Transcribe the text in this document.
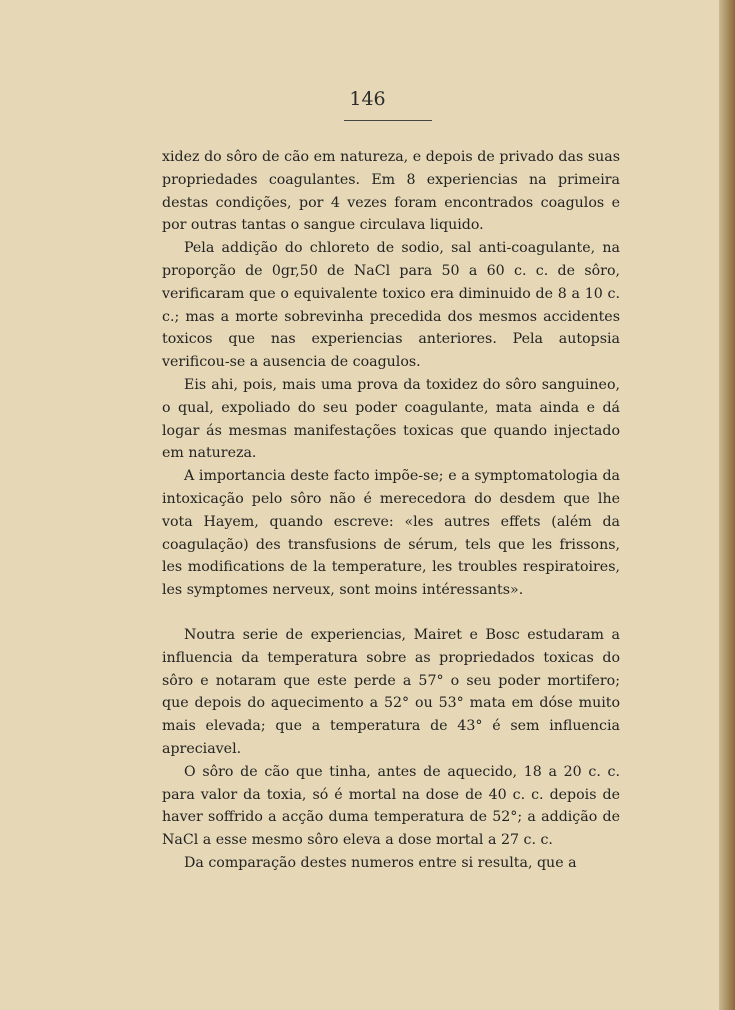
146

xidez do sôro de cão em natureza, e depois de privado das suas propriedades coagulantes. Em 8 experiencias na primeira destas condições, por 4 vezes foram encontrados coagulos e por outras tantas o sangue circulava liquido.

Pela addição do chloreto de sodio, sal anti-coagulante, na proporção de 0gr,50 de NaCl para 50 a 60 c. c. de sôro, verificaram que o equivalente toxico era diminuido de 8 a 10 c. c.; mas a morte sobrevinha precedida dos mesmos accidentes toxicos que nas experiencias anteriores. Pela autopsia verificou-se a ausencia de coagulos.

Eis ahi, pois, mais uma prova da toxidez do sôro sanguineo, o qual, expoliado do seu poder coagulante, mata ainda e dá logar ás mesmas manifestações toxicas que quando injectado em natureza.

A importancia deste facto impõe-se; e a symptomatologia da intoxicação pelo sôro não é merecedora do desdem que lhe vota Hayem, quando escreve: «les autres effets (além da coagulação) des transfusions de sérum, tels que les frissons, les modifications de la temperature, les troubles respiratoires, les symptomes nerveux, sont moins intéressants».

Noutra serie de experiencias, Mairet e Bosc estudaram a influencia da temperatura sobre as propriedados toxicas do sôro e notaram que este perde a 57° o seu poder mortifero; que depois do aquecimento a 52° ou 53° mata em dóse muito mais elevada; que a temperatura de 43° é sem influencia apreciavel.

O sôro de cão que tinha, antes de aquecido, 18 a 20 c. c. para valor da toxia, só é mortal na dose de 40 c. c. depois de haver soffrido a acção duma temperatura de 52°; a addição de NaCl a esse mesmo sôro eleva a dose mortal a 27 c. c.

Da comparação destes numeros entre si resulta, que a
